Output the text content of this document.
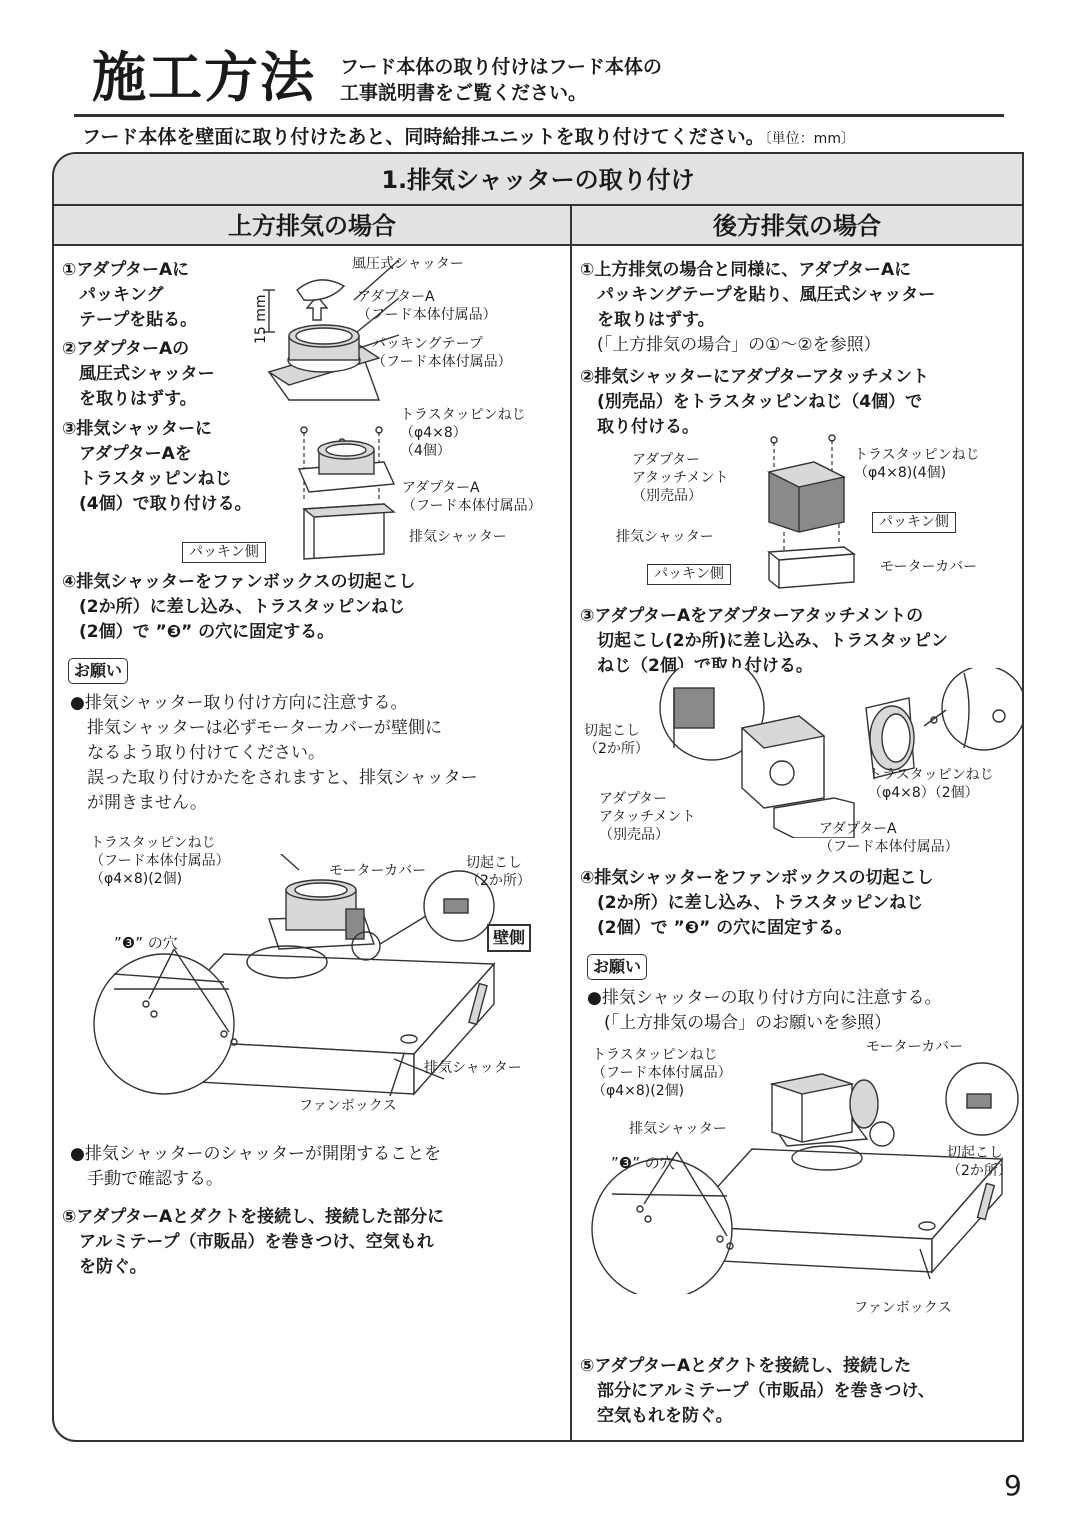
施工方法 フード本体の取り付けはフード本体の
工事説明書をご覧ください。
フード本体を壁面に取り付けたあと、同時給排ユニットを取り付けてください。〔単位：mm〕
1.排気シャッターの取り付け
上方排気の場合	後方排気の場合
①アダプターAに
　パッキング
　テープを貼る。
②アダプターAの
　風圧式シャッター
　を取りはずす。
③排気シャッターに
　アダプターAを
　トラスタッピンねじ
　(4個）で取り付ける。
風圧式シャッター
アダプターA
（フード本体付属品）
パッキングテープ
（フード本体付属品）
15 mm
トラスタッピンねじ
（φ4×8）
（4個）
アダプターA
（フード本体付属品）
排気シャッター
パッキン側
④排気シャッターをファンボックスの切起こし
　(2か所）に差し込み、トラスタッピンねじ
　(2個）で ”❸” の穴に固定する。
お願い
●排気シャッター取り付け方向に注意する。
　排気シャッターは必ずモーターカバーが壁側に
　なるよう取り付けてください。
　誤った取り付けかたをされますと、排気シャッター
　が開きません。
トラスタッピンねじ
（フード本体付属品）
（φ4×8)(2個)	モーターカバー	切起こし
（2か所）
壁側
”❸” の穴
排気シャッター
ファンボックス
●排気シャッターのシャッターが開閉することを
　手動で確認する。
⑤アダプターAとダクトを接続し、接続した部分に
　アルミテープ（市販品）を巻きつけ、空気もれ
　を防ぐ。
①上方排気の場合と同様に、アダプターAに
　パッキングテープを貼り、風圧式シャッター
　を取りはずす。
　(「上方排気の場合」の①〜②を参照）
②排気シャッターにアダプターアタッチメント
　(別売品）をトラスタッピンねじ（4個）で
　取り付ける。
アダプター
アタッチメント
（別売品）
トラスタッピンねじ
（φ4×8)(4個)
パッキン側
排気シャッター
パッキン側	モーターカバー
③アダプターAをアダプターアタッチメントの
　切起こし(2か所)に差し込み、トラスタッピン
　ねじ（2個）で取り付ける。
切起こし
（2か所）
トラスタッピンねじ
（φ4×8）（2個）
アダプター
アタッチメント
（別売品）	アダプターA
（フード本体付属品）
④排気シャッターをファンボックスの切起こし
　(2か所）に差し込み、トラスタッピンねじ
　(2個）で ”❸” の穴に固定する。
お願い
●排気シャッターの取り付け方向に注意する。
　(「上方排気の場合」のお願いを参照）
トラスタッピンねじ
（フード本体付属品）
（φ4×8)(2個)
モーターカバー
排気シャッター
”❸” の穴
切起こし
（2か所）
ファンボックス
⑤アダプターAとダクトを接続し、接続した
　部分にアルミテープ（市販品）を巻きつけ、
　空気もれを防ぐ。
9
